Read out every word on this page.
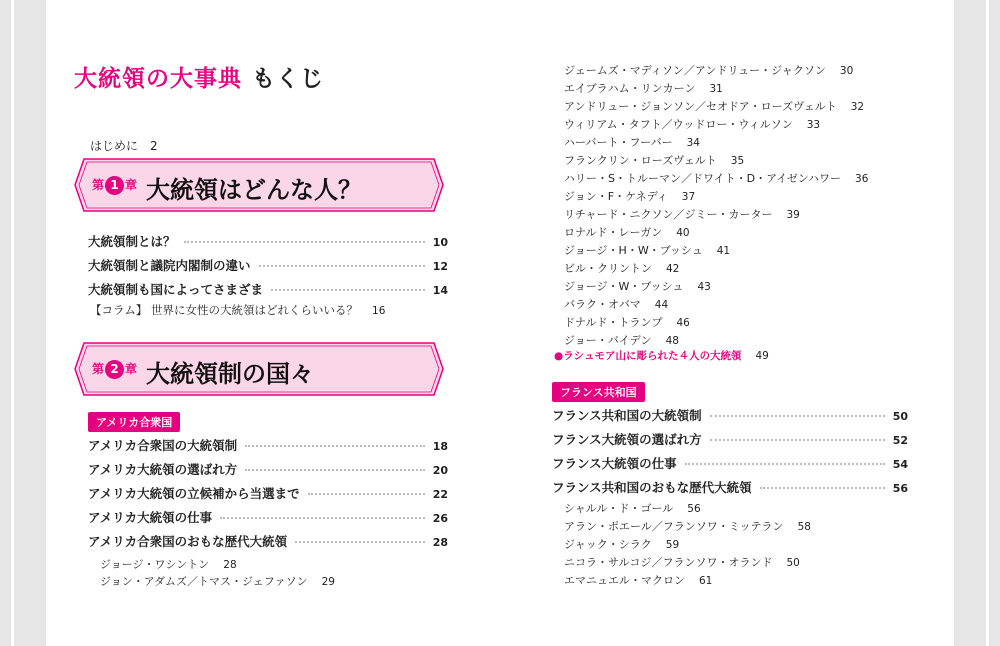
大統領の大事典 もくじ
はじめに 2
第 1 章 大統領はどんな人？
大統領制とは？	10
大統領制と議院内閣制の違い	12
大統領制も国によってさまざま	14
【コラム】 世界に女性の大統領はどれくらいいる？ 16
第 2 章 大統領制の国々
アメリカ合衆国
アメリカ合衆国の大統領制	18
アメリカ大統領の選ばれ方	20
アメリカ大統領の立候補から当選まで	22
アメリカ大統領の仕事	26
アメリカ合衆国のおもな歴代大統領	28
ジョージ・ワシントン 28
ジョン・アダムズ／トマス・ジェファソン 29
ジェームズ・マディソン／アンドリュー・ジャクソン 30
エイブラハム・リンカーン 31
アンドリュー・ジョンソン／セオドア・ローズヴェルト 32
ウィリアム・タフト／ウッドロー・ウィルソン 33
ハーバート・フーバー 34
フランクリン・ローズヴェルト 35
ハリー・S・トルーマン／ドワイト・D・アイゼンハワー 36
ジョン・F・ケネディ 37
リチャード・ニクソン／ジミー・カーター 39
ロナルド・レーガン 40
ジョージ・H・W・ブッシュ 41
ビル・クリントン 42
ジョージ・W・ブッシュ 43
バラク・オバマ 44
ドナルド・トランプ 46
ジョー・バイデン 48
●ラシュモア山に彫られた４人の大統領 49
フランス共和国
フランス共和国の大統領制	50
フランス大統領の選ばれ方	52
フランス大統領の仕事	54
フランス共和国のおもな歴代大統領	56
シャルル・ド・ゴール 56
アラン・ポエール／フランソワ・ミッテラン 58
ジャック・シラク 59
ニコラ・サルコジ／フランソワ・オランド 50
エマニュエル・マクロン 61
